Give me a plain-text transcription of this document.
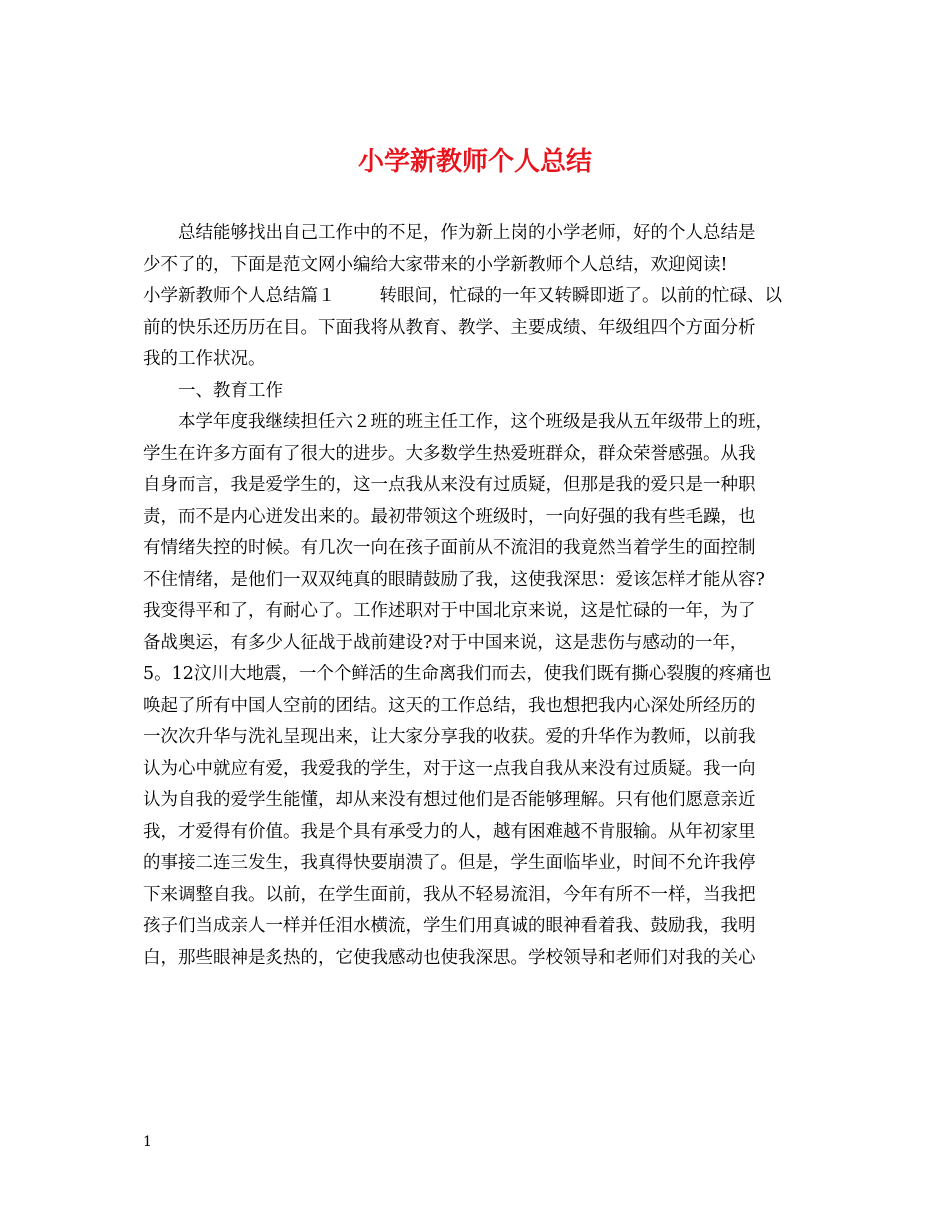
小学新教师个人总结

总结能够找出自己工作中的不足，作为新上岗的小学老师，好的个人总结是

少不了的，下面是范文网小编给大家带来的小学新教师个人总结，欢迎阅读!

小学新教师个人总结篇１	转眼间，忙碌的一年又转瞬即逝了。以前的忙碌、以

前的快乐还历历在目。下面我将从教育、教学、主要成绩、年级组四个方面分析

我的工作状况。

一、教育工作

本学年度我继续担任六２班的班主任工作，这个班级是我从五年级带上的班，

学生在许多方面有了很大的进步。大多数学生热爱班群众，群众荣誉感强。从我

自身而言，我是爱学生的，这一点我从来没有过质疑，但那是我的爱只是一种职

责，而不是内心迸发出来的。最初带领这个班级时，一向好强的我有些毛躁，也

有情绪失控的时候。有几次一向在孩子面前从不流泪的我竟然当着学生的面控制

不住情绪，是他们一双双纯真的眼睛鼓励了我，这使我深思：爱该怎样才能从容?

我变得平和了，有耐心了。工作述职对于中国北京来说，这是忙碌的一年，为了

备战奥运，有多少人征战于战前建设?对于中国来说，这是悲伤与感动的一年，

5。12汶川大地震，一个个鲜活的生命离我们而去，使我们既有撕心裂腹的疼痛也

唤起了所有中国人空前的团结。这天的工作总结，我也想把我内心深处所经历的

一次次升华与洗礼呈现出来，让大家分享我的收获。爱的升华作为教师，以前我

认为心中就应有爱，我爱我的学生，对于这一点我自我从来没有过质疑。我一向

认为自我的爱学生能懂，却从来没有想过他们是否能够理解。只有他们愿意亲近

我，才爱得有价值。我是个具有承受力的人，越有困难越不肯服输。从年初家里

的事接二连三发生，我真得快要崩溃了。但是，学生面临毕业，时间不允许我停

下来调整自我。以前，在学生面前，我从不轻易流泪，今年有所不一样，当我把

孩子们当成亲人一样并任泪水横流，学生们用真诚的眼神看着我、鼓励我，我明

白，那些眼神是炙热的，它使我感动也使我深思。学校领导和老师们对我的关心

1
